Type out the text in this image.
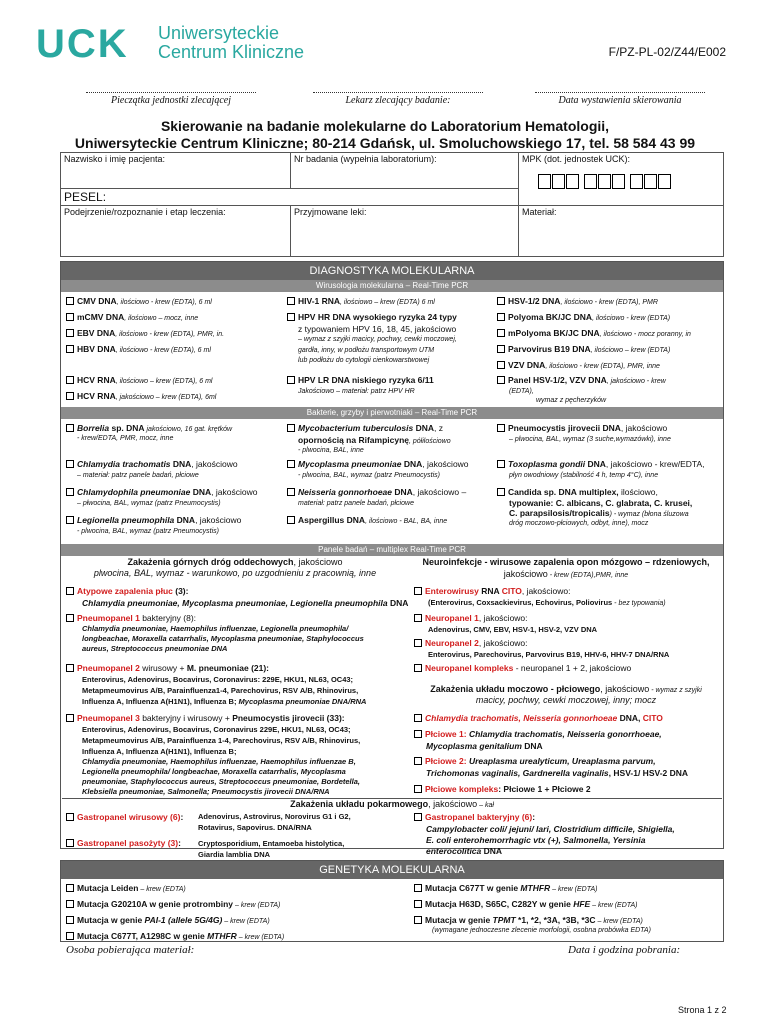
UCK Uniwersyteckie
Centrum Kliniczne	F/PZ-PL-02/Z44/E002
Pieczątka jednostki zlecającej	Lekarz zlecający badanie:	Data wystawienia skierowania
Skierowanie na badanie molekularne do Laboratorium Hematologii,
Uniwersyteckie Centrum Kliniczne; 80-214 Gdańsk, ul. Smoluchowskiego 17, tel. 58 584 43 99
Nazwisko i imię pacjenta:	Nr badania (wypełnia laboratorium):	MPK (dot. jednostek UCK):

PESEL:		
Podejrzenie/rozpoznanie i etap leczenia:	Przyjmowane leki:	Materiał:
DIAGNOSTYKA MOLEKULARNA
Wirusologia molekularna – Real-Time PCR
CMV DNA, ilościowo - krew (EDTA), 6 ml
mCMV DNA, ilościowo – mocz, inne
EBV DNA, ilościowo - krew (EDTA), PMR, in.
HBV DNA, ilościowo - krew (EDTA), 6 ml
HCV RNA, ilościowo – krew (EDTA), 6 ml
HCV RNA, jakościowo – krew (EDTA), 6ml
HIV-1 RNA, ilościowo – krew (EDTA) 6 ml
HPV HR DNA wysokiego ryzyka 24 typy
z typowaniem HPV 16, 18, 45, jakościowo
– wymaz z szyjki macicy, pochwy, cewki moczowej,
gardła, inny, w podłożu transportowym UTM
lub podłożu do cytologii cienkowarstwowej
HPV LR DNA niskiego ryzyka 6/11
Jakościowo – materiał: patrz HPV HR
HSV-1/2 DNA, ilościowo - krew (EDTA), PMR
Polyoma BK/JC DNA, ilościowo - krew (EDTA)
mPolyoma BK/JC DNA, ilościowo - mocz poranny, in
Parvovirus B19 DNA, ilościowo – krew (EDTA)
VZV DNA, ilościowo - krew (EDTA), PMR, inne
Panel HSV-1/2, VZV DNA, jakościowo - krew
(EDTA),
wymaz z pęcherzyków
Bakterie, grzyby i pierwotniaki – Real-Time PCR
Borrelia sp. DNA jakościowo, 16 gat. krętków
- krew/EDTA, PMR, mocz, inne
Chlamydia trachomatis DNA, jakościowo
– materiał: patrz panele badań, płciowe
Chlamydophila pneumoniae DNA, jakościowo
– płwocina, BAL, wymaz (patrz Pneumocystis)
Legionella pneumophila DNA, jakościowo
- plwocina, BAL, wymaz (patrz Pneumocystis)
Mycobacterium tuberculosis DNA, z
opornością na Rifampicynę, półilościowo
- plwocina, BAL, inne
Mycoplasma pneumoniae DNA, jakościowo
- plwocina, BAL, wymaz (patrz Pneumocystis)
Neisseria gonnorhoeae DNA, jakościowo –
materiał: patrz panele badań, płciowe
Aspergillus DNA, ilościowo - BAL, BA, inne
Pneumocystis jirovecii DNA, jakościowo
– plwocina, BAL, wymaz (3 suche,wymazówki), inne
Toxoplasma gondii DNA, jakościowo - krew/EDTA,
płyn owodniowy (stabilność 4 h, temp 4°C), inne
Candida sp. DNA multiplex, ilościowo,
typowanie: C. albicans, C. glabrata, C. krusei,
C. parapsilosis/tropicalis) - wymaz (błona śluzowa
dróg moczowo-płciowych, odbyt, inne), mocz
Panele badań – multiplex Real-Time PCR
Zakażenia górnych dróg oddechowych, jakościowo
plwocina, BAL, wymaz - warunkowo, po uzgodnieniu z pracownią, inne
Neuroinfekcje - wirusowe zapalenia opon mózgowo – rdzeniowych,
jakościowo - krew (EDTA),PMR, inne
Atypowe zapalenia płuc (3):
Chlamydia pneumoniae, Mycoplasma pneumoniae, Legionella pneumophila DNA
Pneumopanel 1 bakteryjny (8):
Chlamydia pneumoniae, Haemophilus influenzae, Legionella pneumophila/
longbeachae, Moraxella catarrhalis, Mycoplasma pneumoniae, Staphylococcus
aureus, Streptococcus pneumoniae DNA
Pneumopanel 2 wirusowy + M. pneumoniae (21):
Enterovirus, Adenovirus, Bocavirus, Coronavirus: 229E, HKU1, NL63, OC43;
Metapmeumovirus A/B, Parainfluenza1-4, Parechovirus, RSV A/B, Rhinovirus,
Influenza A, Influenza A(H1N1), Influenza B; Mycoplasma pneumoniae DNA/RNA
Pneumopanel 3 bakteryjny i wirusowy + Pneumocystis jirovecii (33):
Enterovirus, Adenovirus, Bocavirus, Coronavirus 229E, HKU1, NL63, OC43;
Metapmeumovirus A/B, Parainfluenza 1-4, Parechovirus, RSV A/B, Rhinovirus,
Influenza A, Influenza A(H1N1), Influenza B;
Chlamydia pneumoniae, Haemophilus influenzae, Haemophilus influenzae B,
Legionella pneumophila/ longbeachae, Moraxella catarrhalis, Mycoplasma
pneumoniae, Staphylococcus aureus, Streptococcus pneumoniae, Bordetella,
Klebsiella pneumoniae, Salmonella; Pneumocystis jirovecii DNA/RNA
Enterowirusy RNA CITO, jakościowo:
(Enterovirus, Coxsackievirus, Echovirus, Poliovirus - bez typowania)
Neuropanel 1, jakościowo:
Adenovirus, CMV, EBV, HSV-1, HSV-2, VZV DNA
Neuropanel 2, jakościowo:
Enterovirus, Parechovirus, Parvovirus B19, HHV-6, HHV-7 DNA/RNA
Neuropanel kompleks - neuropanel 1 + 2, jakościowo
Zakażenia układu moczowo - płciowego, jakościowo - wymaz z szyjki
macicy, pochwy, cewki moczowej, inny; mocz
Chlamydia trachomatis, Neisseria gonnorhoeae DNA, CITO
Płciowe 1: Chlamydia trachomatis, Neisseria gonorrhoeae,
Mycoplasma genitalium DNA
Płciowe 2: Ureaplasma urealyticum, Ureaplasma parvum,
Trichomonas vaginalis, Gardnerella vaginalis, HSV-1/ HSV-2 DNA
Płciowe kompleks: Płciowe 1 + Płciowe 2
Zakażenia układu pokarmowego, jakościowo – kał
Gastropanel wirusowy (6): Adenovirus, Astrovirus, Norovirus G1 i G2,
Rotavirus, Sapovirus. DNA/RNA
Gastropanel pasożyty (3): Cryptosporidium, Entamoeba histolytica,
Giardia lamblia DNA
Gastropanel bakteryjny (6):
Campylobacter coli/ jejuni/ lari, Clostridium difficile, Shigiella,
E. coli enterohemorrhagic vtx (+), Salmonella, Yersinia
enterocolitica DNA
GENETYKA MOLEKULARNA
Mutacja Leiden – krew (EDTA)
Mutacja G20210A w genie protrombiny – krew (EDTA)
Mutacja w genie PAI-1 (allele 5G/4G) – krew (EDTA)
Mutacja C677T, A1298C w genie MTHFR – krew (EDTA)
Mutacja C677T w genie MTHFR – krew (EDTA)
Mutacja H63D, S65C, C282Y w genie HFE – krew (EDTA)
Mutacja w genie TPMT *1, *2, *3A, *3B, *3C – krew (EDTA)
(wymagane jednoczesne zlecenie morfologii, osobna probówka EDTA)
Osoba pobierająca materiał:	Data i godzina pobrania:
Strona 1 z 2
